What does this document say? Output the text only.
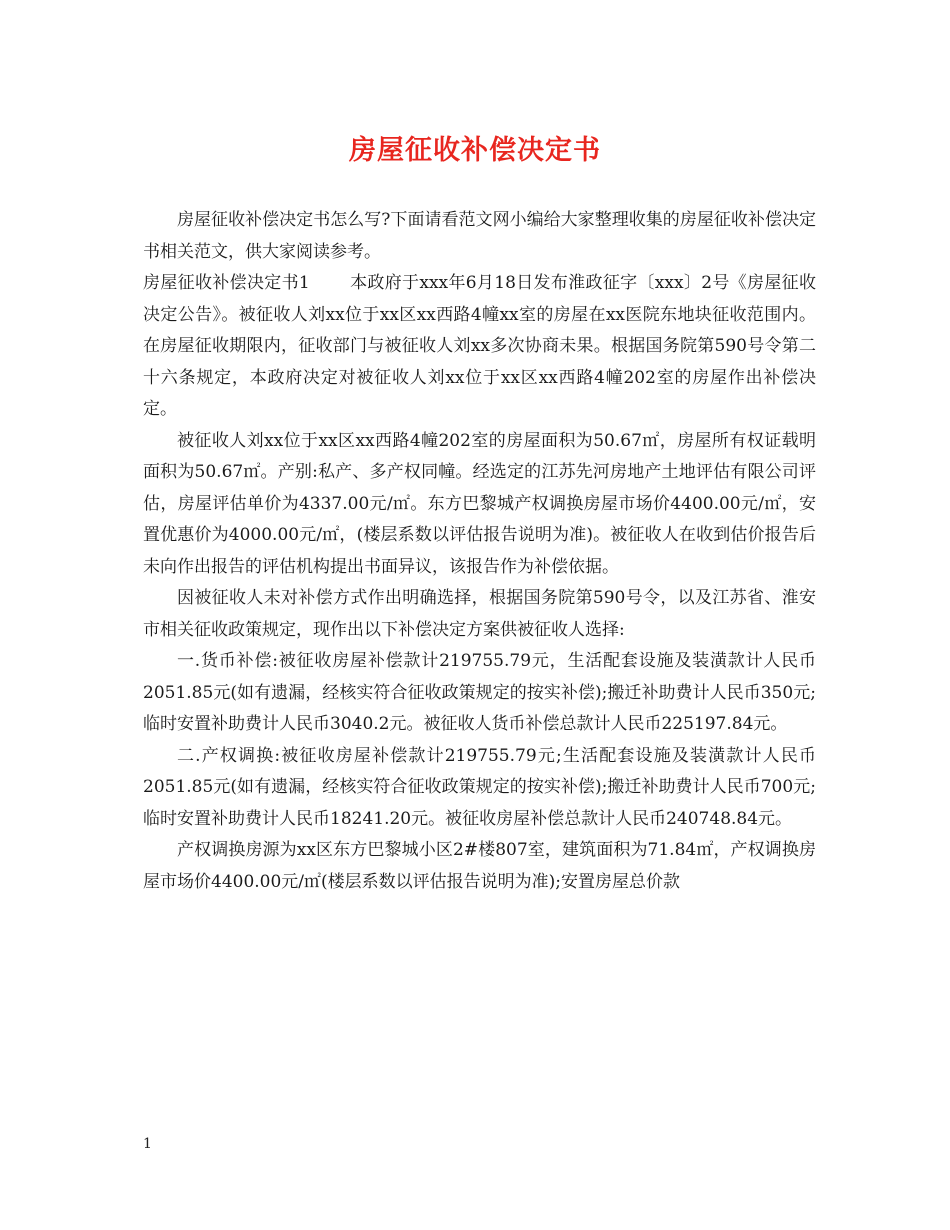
房屋征收补偿决定书

房屋征收补偿决定书怎么写?下面请看范文网小编给大家整理收集的房屋征收补偿决定书相关范文，供大家阅读参考。

房屋征收补偿决定书1 本政府于xxx年6月18日发布淮政征字〔xxx〕2号《房屋征收决定公告》。被征收人刘xx位于xx区xx西路4幢xx室的房屋在xx医院东地块征收范围内。在房屋征收期限内，征收部门与被征收人刘xx多次协商未果。根据国务院第590号令第二十六条规定，本政府决定对被征收人刘xx位于xx区xx西路4幢202室的房屋作出补偿决定。

被征收人刘xx位于xx区xx西路4幢202室的房屋面积为50.67㎡，房屋所有权证载明面积为50.67㎡。产别:私产、多产权同幢。经选定的江苏先河房地产土地评估有限公司评估，房屋评估单价为4337.00元/㎡。东方巴黎城产权调换房屋市场价4400.00元/㎡，安置优惠价为4000.00元/㎡，(楼层系数以评估报告说明为准)。被征收人在收到估价报告后未向作出报告的评估机构提出书面异议，该报告作为补偿依据。

因被征收人未对补偿方式作出明确选择，根据国务院第590号令，以及江苏省、淮安市相关征收政策规定，现作出以下补偿决定方案供被征收人选择:

一.货币补偿:被征收房屋补偿款计219755.79元，生活配套设施及装潢款计人民币2051.85元(如有遗漏，经核实符合征收政策规定的按实补偿);搬迁补助费计人民币350元;临时安置补助费计人民币3040.2元。被征收人货币补偿总款计人民币225197.84元。

二.产权调换:被征收房屋补偿款计219755.79元;生活配套设施及装潢款计人民币2051.85元(如有遗漏，经核实符合征收政策规定的按实补偿);搬迁补助费计人民币700元;临时安置补助费计人民币18241.20元。被征收房屋补偿总款计人民币240748.84元。

产权调换房源为xx区东方巴黎城小区2#楼807室，建筑面积为71.84㎡，产权调换房屋市场价4400.00元/㎡(楼层系数以评估报告说明为准);安置房屋总价款

1
